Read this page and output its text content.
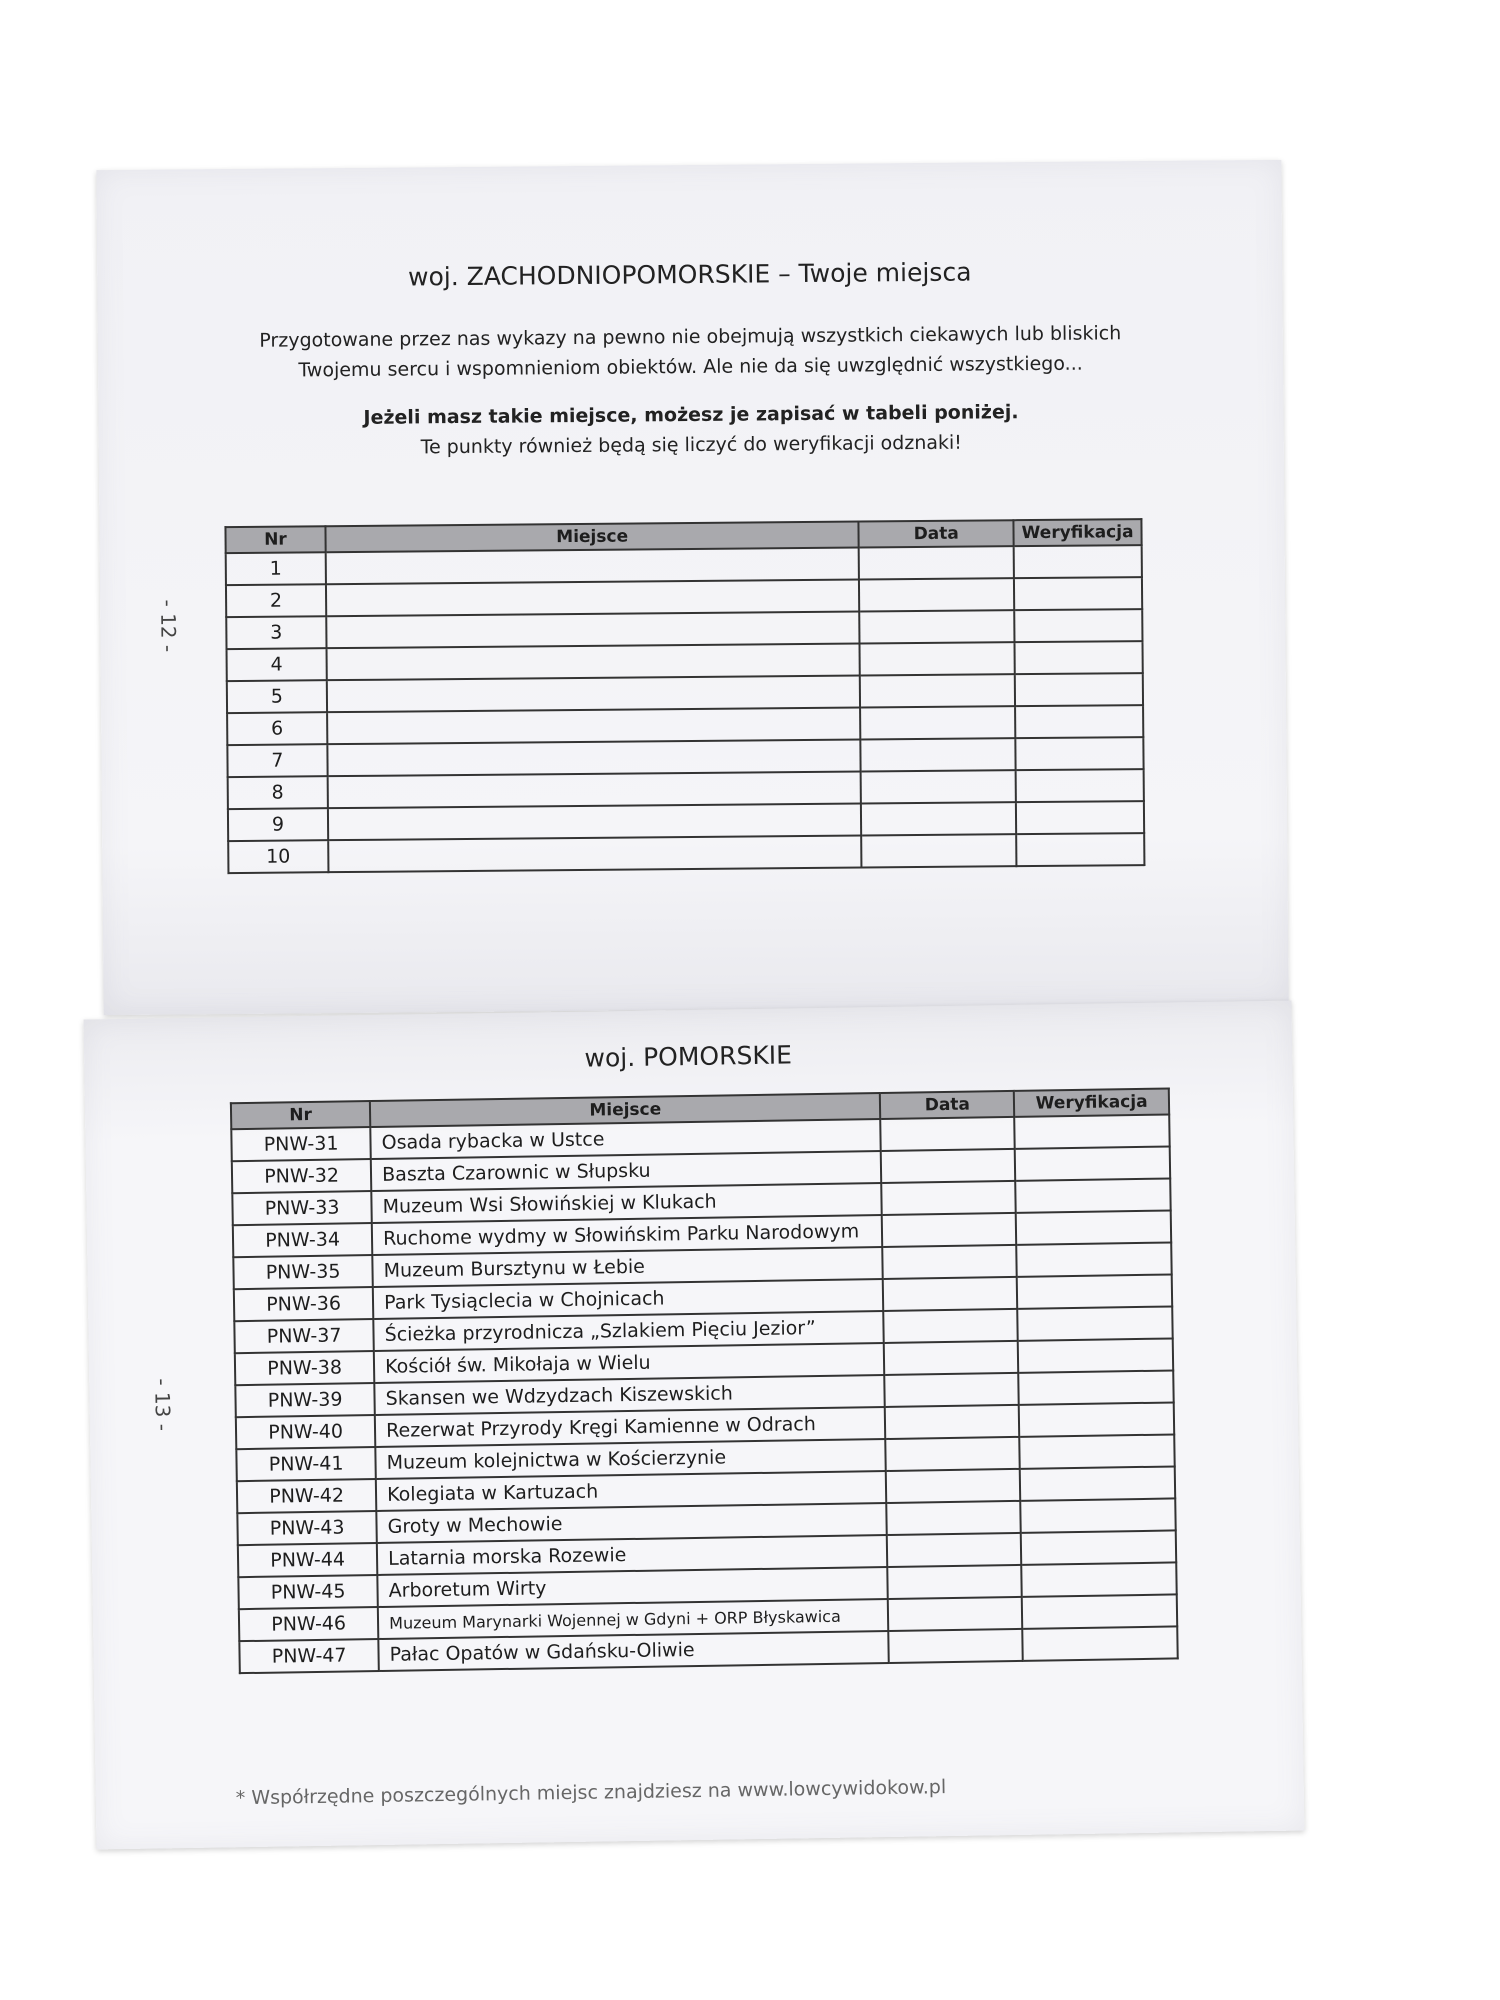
- 12 -
woj. ZACHODNIOPOMORSKIE – Twoje miejsca
Przygotowane przez nas wykazy na pewno nie obejmują wszystkich ciekawych lub bliskich
Twojemu sercu i wspomnieniom obiektów. Ale nie da się uwzględnić wszystkiego...
Jeżeli masz takie miejsce, możesz je zapisać w tabeli poniżej.
Te punkty również będą się liczyć do weryfikacji odznaki!
Nr	Miejsce	Data	Weryfikacja
1			
2			
3			
4			
5			
6			
7			
8			
9			
10			
- 13 -
woj. POMORSKIE
Nr	Miejsce	Data	Weryfikacja
PNW-31	Osada rybacka w Ustce		
PNW-32	Baszta Czarownic w Słupsku		
PNW-33	Muzeum Wsi Słowińskiej w Klukach		
PNW-34	Ruchome wydmy w Słowińskim Parku Narodowym		
PNW-35	Muzeum Bursztynu w Łebie		
PNW-36	Park Tysiąclecia w Chojnicach		
PNW-37	Ścieżka przyrodnicza „Szlakiem Pięciu Jezior”		
PNW-38	Kościół św. Mikołaja w Wielu		
PNW-39	Skansen we Wdzydzach Kiszewskich		
PNW-40	Rezerwat Przyrody Kręgi Kamienne w Odrach		
PNW-41	Muzeum kolejnictwa w Kościerzynie		
PNW-42	Kolegiata w Kartuzach		
PNW-43	Groty w Mechowie		
PNW-44	Latarnia morska Rozewie		
PNW-45	Arboretum Wirty		
PNW-46	Muzeum Marynarki Wojennej w Gdyni + ORP Błyskawica		
PNW-47	Pałac Opatów w Gdańsku-Oliwie		
* Współrzędne poszczególnych miejsc znajdziesz na www.lowcywidokow.pl
